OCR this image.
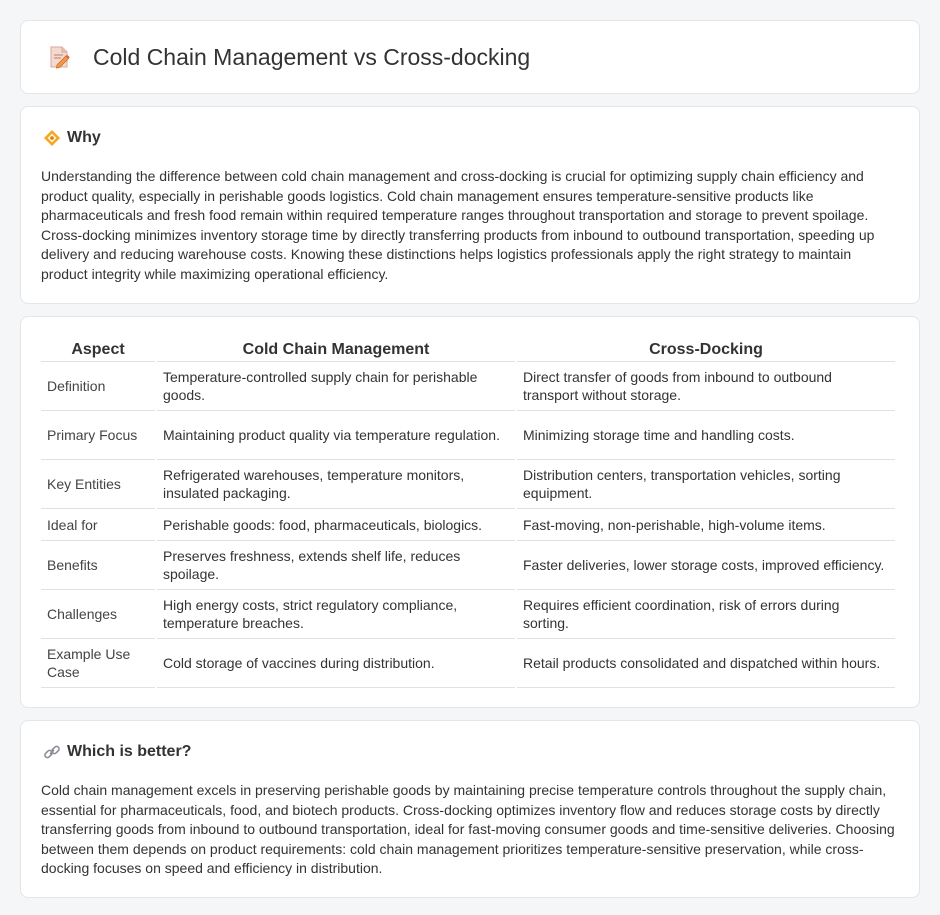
Cold Chain Management vs Cross-docking
Why

Understanding the difference between cold chain management and cross-docking is crucial for optimizing supply chain efficiency and product quality, especially in perishable goods logistics. Cold chain management ensures temperature-sensitive products like pharmaceuticals and fresh food remain within required temperature ranges throughout transportation and storage to prevent spoilage. Cross-docking minimizes inventory storage time by directly transferring products from inbound to outbound transportation, speeding up delivery and reducing warehouse costs. Knowing these distinctions helps logistics professionals apply the right strategy to maintain product integrity while maximizing operational efficiency.

Aspect	Cold Chain Management	Cross-Docking
Definition	Temperature-controlled supply chain for perishable goods.	Direct transfer of goods from inbound to outbound transport without storage.
Primary Focus	Maintaining product quality via temperature regulation.	Minimizing storage time and handling costs.
Key Entities	Refrigerated warehouses, temperature monitors, insulated packaging.	Distribution centers, transportation vehicles, sorting equipment.
Ideal for	Perishable goods: food, pharmaceuticals, biologics.	Fast-moving, non-perishable, high-volume items.
Benefits	Preserves freshness, extends shelf life, reduces spoilage.	Faster deliveries, lower storage costs, improved efficiency.
Challenges	High energy costs, strict regulatory compliance, temperature breaches.	Requires efficient coordination, risk of errors during sorting.
Example Use Case	Cold storage of vaccines during distribution.	Retail products consolidated and dispatched within hours.
Which is better?

Cold chain management excels in preserving perishable goods by maintaining precise temperature controls throughout the supply chain, essential for pharmaceuticals, food, and biotech products. Cross-docking optimizes inventory flow and reduces storage costs by directly transferring goods from inbound to outbound transportation, ideal for fast-moving consumer goods and time-sensitive deliveries. Choosing between them depends on product requirements: cold chain management prioritizes temperature-sensitive preservation, while cross-docking focuses on speed and efficiency in distribution.
